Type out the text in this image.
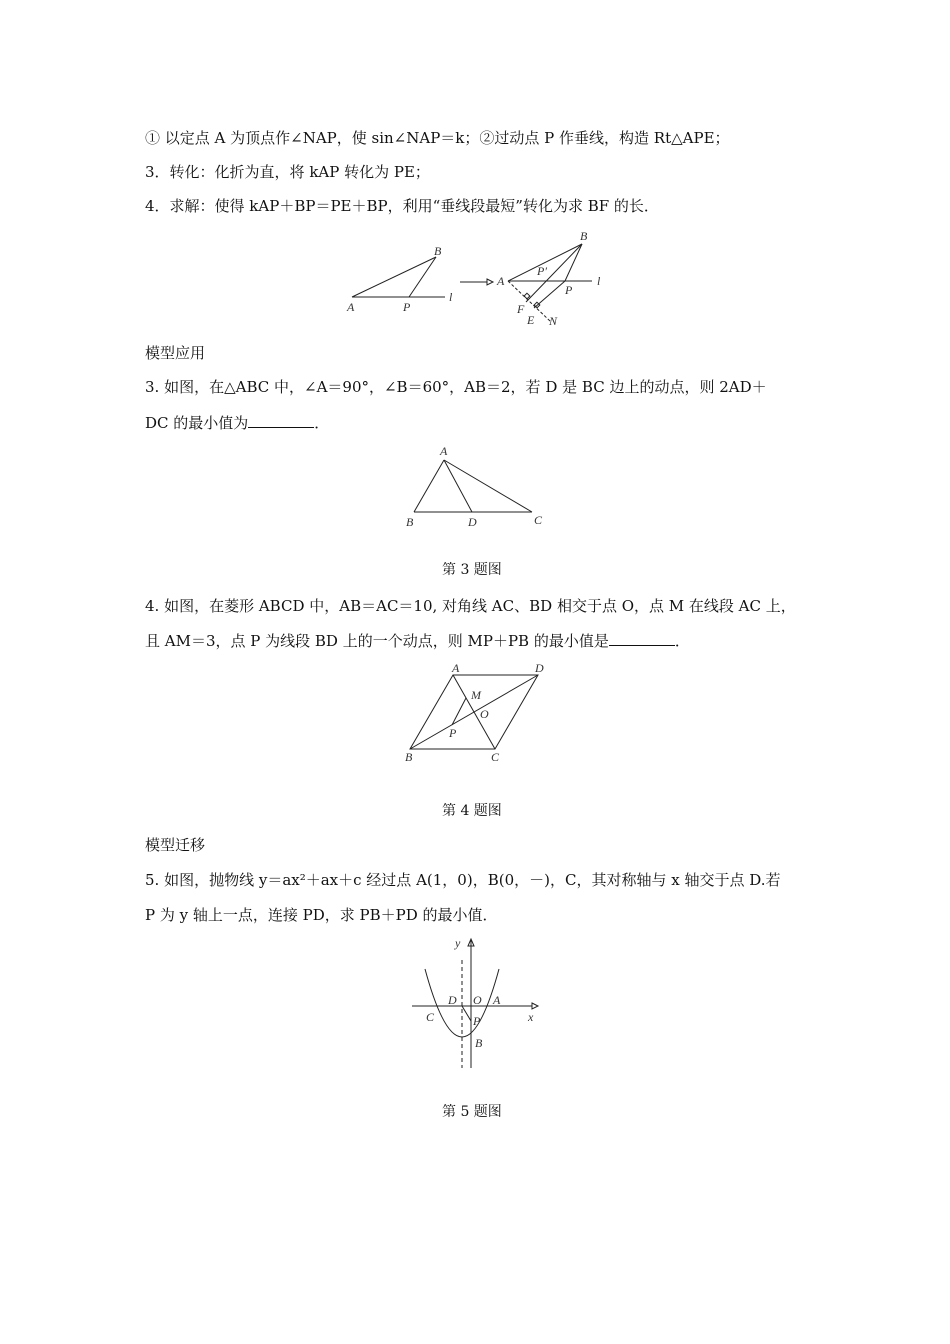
① 以定点 A 为顶点作∠NAP，使 sin∠NAP＝k；②过动点 P 作垂线，构造 Rt△APE；
3．转化：化折为直，将 kAP 转化为 PE；
4．求解：使得 kAP＋BP＝PE＋BP，利用“垂线段最短”转化为求 BF 的长．
A	P
B
l
A
B
P′
P
F
E N
l
模型应用
3. 如图，在△ABC 中，∠A＝90°，∠B＝60°，AB＝2，若 D 是 BC 边上的动点，则 2AD＋
DC 的最小值为	．
A
B	D	C
第 3 题图
4. 如图，在菱形 ABCD 中，AB＝AC＝10, 对角线 AC、BD 相交于点 O，点 M 在线段 AC 上，
且 AM＝3，点 P 为线段 BD 上的一个动点，则 MP＋PB 的最小值是	．
A	D
B	C
M
O
P
第 4 题图
模型迁移
5. 如图，抛物线 y＝ax²＋ax＋c 经过点 A(1，0)，B(0，－)，C，其对称轴与 x 轴交于点 D.若
P 为 y 轴上一点，连接 PD，求 PB＋PD 的最小值．
y
x
D O A
C	P
B
第 5 题图
